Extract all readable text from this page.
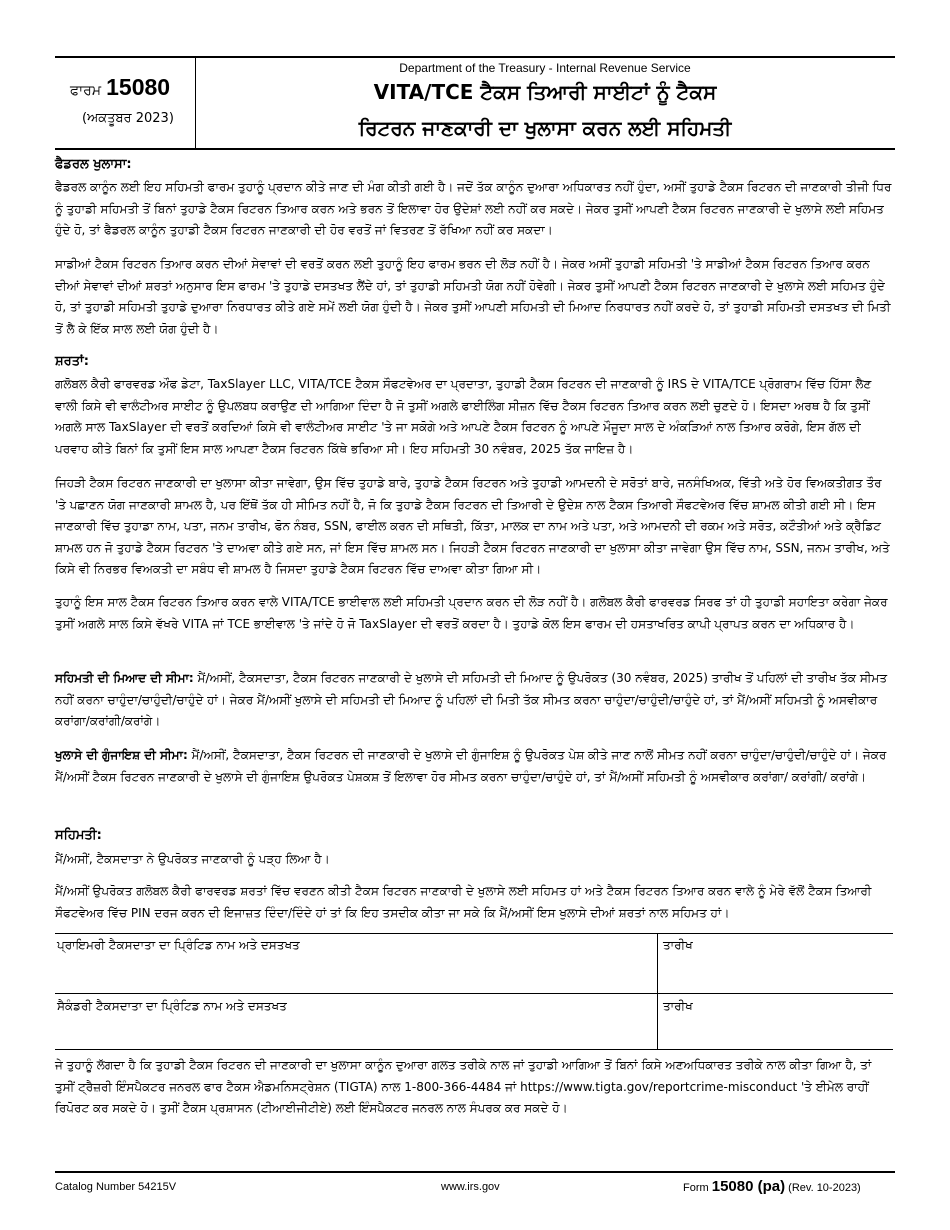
ਫਾਰਮ 15080
(ਅਕਤੂਬਰ 2023)
Department of the Treasury - Internal Revenue Service
VITA/TCE ਟੈਕਸ ਤਿਆਰੀ ਸਾਈਟਾਂ ਨੂੰ ਟੈਕਸ
ਰਿਟਰਨ ਜਾਣਕਾਰੀ ਦਾ ਖੁਲਾਸਾ ਕਰਨ ਲਈ ਸਹਿਮਤੀ
ਫੈਡਰਲ ਖੁਲਾਸਾ:
ਫੈਡਰਲ ਕਾਨੂੰਨ ਲਈ ਇਹ ਸਹਿਮਤੀ ਫਾਰਮ ਤੁਹਾਨੂੰ ਪ੍ਰਦਾਨ ਕੀਤੇ ਜਾਣ ਦੀ ਮੰਗ ਕੀਤੀ ਗਈ ਹੈ। ਜਦੋਂ ਤੱਕ ਕਾਨੂੰਨ ਦੁਆਰਾ ਅਧਿਕਾਰਤ ਨਹੀਂ ਹੁੰਦਾ, ਅਸੀਂ ਤੁਹਾਡੇ ਟੈਕਸ ਰਿਟਰਨ ਦੀ ਜਾਣਕਾਰੀ ਤੀਜੀ ਧਿਰ ਨੂੰ ਤੁਹਾਡੀ ਸਹਿਮਤੀ ਤੋਂ ਬਿਨਾਂ ਤੁਹਾਡੇ ਟੈਕਸ ਰਿਟਰਨ ਤਿਆਰ ਕਰਨ ਅਤੇ ਭਰਨ ਤੋਂ ਇਲਾਵਾ ਹੋਰ ਉਦੇਸ਼ਾਂ ਲਈ ਨਹੀਂ ਕਰ ਸਕਦੇ। ਜੇਕਰ ਤੁਸੀਂ ਆਪਣੀ ਟੈਕਸ ਰਿਟਰਨ ਜਾਣਕਾਰੀ ਦੇ ਖੁਲਾਸੇ ਲਈ ਸਹਿਮਤ ਹੁੰਦੇ ਹੋ, ਤਾਂ ਫੈਡਰਲ ਕਾਨੂੰਨ ਤੁਹਾਡੀ ਟੈਕਸ ਰਿਟਰਨ ਜਾਣਕਾਰੀ ਦੀ ਹੋਰ ਵਰਤੋਂ ਜਾਂ ਵਿਤਰਣ ਤੋਂ ਰੱਖਿਆ ਨਹੀਂ ਕਰ ਸਕਦਾ।
ਸਾਡੀਆਂ ਟੈਕਸ ਰਿਟਰਨ ਤਿਆਰ ਕਰਨ ਦੀਆਂ ਸੇਵਾਵਾਂ ਦੀ ਵਰਤੋਂ ਕਰਨ ਲਈ ਤੁਹਾਨੂੰ ਇਹ ਫਾਰਮ ਭਰਨ ਦੀ ਲੋੜ ਨਹੀਂ ਹੈ। ਜੇਕਰ ਅਸੀਂ ਤੁਹਾਡੀ ਸਹਿਮਤੀ 'ਤੇ ਸਾਡੀਆਂ ਟੈਕਸ ਰਿਟਰਨ ਤਿਆਰ ਕਰਨ ਦੀਆਂ ਸੇਵਾਵਾਂ ਦੀਆਂ ਸ਼ਰਤਾਂ ਅਨੁਸਾਰ ਇਸ ਫਾਰਮ 'ਤੇ ਤੁਹਾਡੇ ਦਸਤਖਤ ਲੈਂਦੇ ਹਾਂ, ਤਾਂ ਤੁਹਾਡੀ ਸਹਿਮਤੀ ਯੋਗ ਨਹੀਂ ਹੋਵੇਗੀ। ਜੇਕਰ ਤੁਸੀਂ ਆਪਣੀ ਟੈਕਸ ਰਿਟਰਨ ਜਾਣਕਾਰੀ ਦੇ ਖੁਲਾਸੇ ਲਈ ਸਹਿਮਤ ਹੁੰਦੇ ਹੋ, ਤਾਂ ਤੁਹਾਡੀ ਸਹਿਮਤੀ ਤੁਹਾਡੇ ਦੁਆਰਾ ਨਿਰਧਾਰਤ ਕੀਤੇ ਗਏ ਸਮੇਂ ਲਈ ਯੋਗ ਹੁੰਦੀ ਹੈ। ਜੇਕਰ ਤੁਸੀਂ ਆਪਣੀ ਸਹਿਮਤੀ ਦੀ ਮਿਆਦ ਨਿਰਧਾਰਤ ਨਹੀਂ ਕਰਦੇ ਹੋ, ਤਾਂ ਤੁਹਾਡੀ ਸਹਿਮਤੀ ਦਸਤਖਤ ਦੀ ਮਿਤੀ ਤੋਂ ਲੈ ਕੇ ਇੱਕ ਸਾਲ ਲਈ ਯੋਗ ਹੁੰਦੀ ਹੈ।
ਸ਼ਰਤਾਂ:
ਗਲੋਬਲ ਕੈਰੀ ਫਾਰਵਰਡ ਔਫ ਡੇਟਾ, TaxSlayer LLC, VITA/TCE ਟੈਕਸ ਸੌਫਟਵੇਅਰ ਦਾ ਪ੍ਰਦਾਤਾ, ਤੁਹਾਡੀ ਟੈਕਸ ਰਿਟਰਨ ਦੀ ਜਾਣਕਾਰੀ ਨੂੰ IRS ਦੇ VITA/TCE ਪ੍ਰੋਗਰਾਮ ਵਿੱਚ ਹਿੱਸਾ ਲੈਣ ਵਾਲੀ ਕਿਸੇ ਵੀ ਵਾਲੰਟੀਅਰ ਸਾਈਟ ਨੂੰ ਉਪਲਬਧ ਕਰਾਉਣ ਦੀ ਆਗਿਆ ਦਿੰਦਾ ਹੈ ਜੋ ਤੁਸੀਂ ਅਗਲੇ ਫਾਈਲਿੰਗ ਸੀਜ਼ਨ ਵਿੱਚ ਟੈਕਸ ਰਿਟਰਨ ਤਿਆਰ ਕਰਨ ਲਈ ਚੁਣਦੇ ਹੋ। ਇਸਦਾ ਅਰਥ ਹੈ ਕਿ ਤੁਸੀਂ ਅਗਲੇ ਸਾਲ TaxSlayer ਦੀ ਵਰਤੋਂ ਕਰਦਿਆਂ ਕਿਸੇ ਵੀ ਵਾਲੰਟੀਅਰ ਸਾਈਟ 'ਤੇ ਜਾ ਸਕੋਗੇ ਅਤੇ ਆਪਣੇ ਟੈਕਸ ਰਿਟਰਨ ਨੂੰ ਆਪਣੇ ਮੌਜੂਦਾ ਸਾਲ ਦੇ ਅੰਕੜਿਆਂ ਨਾਲ ਤਿਆਰ ਕਰੋਗੇ, ਇਸ ਗੱਲ ਦੀ ਪਰਵਾਹ ਕੀਤੇ ਬਿਨਾਂ ਕਿ ਤੁਸੀਂ ਇਸ ਸਾਲ ਆਪਣਾ ਟੈਕਸ ਰਿਟਰਨ ਕਿੱਥੇ ਭਰਿਆ ਸੀ। ਇਹ ਸਹਿਮਤੀ 30 ਨਵੰਬਰ, 2025 ਤੱਕ ਜਾਇਜ਼ ਹੈ।
ਜਿਹੜੀ ਟੈਕਸ ਰਿਟਰਨ ਜਾਣਕਾਰੀ ਦਾ ਖੁਲਾਸਾ ਕੀਤਾ ਜਾਵੇਗਾ, ਉਸ ਵਿੱਚ ਤੁਹਾਡੇ ਬਾਰੇ, ਤੁਹਾਡੇ ਟੈਕਸ ਰਿਟਰਨ ਅਤੇ ਤੁਹਾਡੀ ਆਮਦਨੀ ਦੇ ਸਰੋਤਾਂ ਬਾਰੇ, ਜਨਸੰਖਿਅਕ, ਵਿੱਤੀ ਅਤੇ ਹੋਰ ਵਿਅਕਤੀਗਤ ਤੌਰ 'ਤੇ ਪਛਾਣਨ ਯੋਗ ਜਾਣਕਾਰੀ ਸ਼ਾਮਲ ਹੈ, ਪਰ ਇੱਥੋਂ ਤੱਕ ਹੀ ਸੀਮਿਤ ਨਹੀਂ ਹੈ, ਜੋ ਕਿ ਤੁਹਾਡੇ ਟੈਕਸ ਰਿਟਰਨ ਦੀ ਤਿਆਰੀ ਦੇ ਉਦੇਸ਼ ਨਾਲ ਟੈਕਸ ਤਿਆਰੀ ਸੌਫਟਵੇਅਰ ਵਿੱਚ ਸ਼ਾਮਲ ਕੀਤੀ ਗਈ ਸੀ। ਇਸ ਜਾਣਕਾਰੀ ਵਿੱਚ ਤੁਹਾਡਾ ਨਾਮ, ਪਤਾ, ਜਨਮ ਤਾਰੀਖ, ਫੋਨ ਨੰਬਰ, SSN, ਫਾਈਲ ਕਰਨ ਦੀ ਸਥਿਤੀ, ਕਿੱਤਾ, ਮਾਲਕ ਦਾ ਨਾਮ ਅਤੇ ਪਤਾ, ਅਤੇ ਆਮਦਨੀ ਦੀ ਰਕਮ ਅਤੇ ਸਰੋਤ, ਕਟੌਤੀਆਂ ਅਤੇ ਕ੍ਰੈਡਿਟ ਸ਼ਾਮਲ ਹਨ ਜੋ ਤੁਹਾਡੇ ਟੈਕਸ ਰਿਟਰਨ 'ਤੇ ਦਾਅਵਾ ਕੀਤੇ ਗਏ ਸਨ, ਜਾਂ ਇਸ ਵਿੱਚ ਸ਼ਾਮਲ ਸਨ। ਜਿਹੜੀ ਟੈਕਸ ਰਿਟਰਨ ਜਾਣਕਾਰੀ ਦਾ ਖੁਲਾਸਾ ਕੀਤਾ ਜਾਵੇਗਾ ਉਸ ਵਿੱਚ ਨਾਮ, SSN, ਜਨਮ ਤਾਰੀਖ, ਅਤੇ ਕਿਸੇ ਵੀ ਨਿਰਭਰ ਵਿਅਕਤੀ ਦਾ ਸਬੰਧ ਵੀ ਸ਼ਾਮਲ ਹੈ ਜਿਸਦਾ ਤੁਹਾਡੇ ਟੈਕਸ ਰਿਟਰਨ ਵਿੱਚ ਦਾਅਵਾ ਕੀਤਾ ਗਿਆ ਸੀ।
ਤੁਹਾਨੂੰ ਇਸ ਸਾਲ ਟੈਕਸ ਰਿਟਰਨ ਤਿਆਰ ਕਰਨ ਵਾਲੇ VITA/TCE ਭਾਈਵਾਲ ਲਈ ਸਹਿਮਤੀ ਪ੍ਰਦਾਨ ਕਰਨ ਦੀ ਲੋੜ ਨਹੀਂ ਹੈ। ਗਲੋਬਲ ਕੈਰੀ ਫਾਰਵਰਡ ਸਿਰਫ ਤਾਂ ਹੀ ਤੁਹਾਡੀ ਸਹਾਇਤਾ ਕਰੇਗਾ ਜੇਕਰ ਤੁਸੀਂ ਅਗਲੇ ਸਾਲ ਕਿਸੇ ਵੱਖਰੇ VITA ਜਾਂ TCE ਭਾਈਵਾਲ 'ਤੇ ਜਾਂਦੇ ਹੋ ਜੋ TaxSlayer ਦੀ ਵਰਤੋਂ ਕਰਦਾ ਹੈ। ਤੁਹਾਡੇ ਕੋਲ ਇਸ ਫਾਰਮ ਦੀ ਹਸਤਾਖਰਿਤ ਕਾਪੀ ਪ੍ਰਾਪਤ ਕਰਨ ਦਾ ਅਧਿਕਾਰ ਹੈ।
ਸਹਿਮਤੀ ਦੀ ਮਿਆਦ ਦੀ ਸੀਮਾ: ਮੈਂ/ਅਸੀਂ, ਟੈਕਸਦਾਤਾ, ਟੈਕਸ ਰਿਟਰਨ ਜਾਣਕਾਰੀ ਦੇ ਖੁਲਾਸੇ ਦੀ ਸਹਿਮਤੀ ਦੀ ਮਿਆਦ ਨੂੰ ਉਪਰੋਕਤ (30 ਨਵੰਬਰ, 2025) ਤਾਰੀਖ ਤੋਂ ਪਹਿਲਾਂ ਦੀ ਤਾਰੀਖ ਤੱਕ ਸੀਮਤ ਨਹੀਂ ਕਰਨਾ ਚਾਹੁੰਦਾ/ਚਾਹੁੰਦੀ/ਚਾਹੁੰਦੇ ਹਾਂ। ਜੇਕਰ ਮੈਂ/ਅਸੀਂ ਖੁਲਾਸੇ ਦੀ ਸਹਿਮਤੀ ਦੀ ਮਿਆਦ ਨੂੰ ਪਹਿਲਾਂ ਦੀ ਮਿਤੀ ਤੱਕ ਸੀਮਤ ਕਰਨਾ ਚਾਹੁੰਦਾ/ਚਾਹੁੰਦੀ/ਚਾਹੁੰਦੇ ਹਾਂ, ਤਾਂ ਮੈਂ/ਅਸੀਂ ਸਹਿਮਤੀ ਨੂੰ ਅਸਵੀਕਾਰ ਕਰਾਂਗਾ/ਕਰਾਂਗੀ/ਕਰਾਂਗੇ।
ਖੁਲਾਸੇ ਦੀ ਗੁੰਜਾਇਸ਼ ਦੀ ਸੀਮਾ: ਮੈਂ/ਅਸੀਂ, ਟੈਕਸਦਾਤਾ, ਟੈਕਸ ਰਿਟਰਨ ਦੀ ਜਾਣਕਾਰੀ ਦੇ ਖੁਲਾਸੇ ਦੀ ਗੁੰਜਾਇਸ਼ ਨੂੰ ਉਪਰੋਕਤ ਪੇਸ਼ ਕੀਤੇ ਜਾਣ ਨਾਲੋਂ ਸੀਮਤ ਨਹੀਂ ਕਰਨਾ ਚਾਹੁੰਦਾ/ਚਾਹੁੰਦੀ/ਚਾਹੁੰਦੇ ਹਾਂ। ਜੇਕਰ ਮੈਂ/ਅਸੀਂ ਟੈਕਸ ਰਿਟਰਨ ਜਾਣਕਾਰੀ ਦੇ ਖੁਲਾਸੇ ਦੀ ਗੁੰਜਾਇਸ਼ ਉਪਰੋਕਤ ਪੇਸ਼ਕਸ਼ ਤੋਂ ਇਲਾਵਾ ਹੋਰ ਸੀਮਤ ਕਰਨਾ ਚਾਹੁੰਦਾ/ਚਾਹੁੰਦੇ ਹਾਂ, ਤਾਂ ਮੈਂ/ਅਸੀਂ ਸਹਿਮਤੀ ਨੂੰ ਅਸਵੀਕਾਰ ਕਰਾਂਗਾ/ ਕਰਾਂਗੀ/ ਕਰਾਂਗੇ।
ਸਹਿਮਤੀ:
ਮੈਂ/ਅਸੀਂ, ਟੈਕਸਦਾਤਾ ਨੇ ਉਪਰੋਕਤ ਜਾਣਕਾਰੀ ਨੂੰ ਪੜ੍ਹ ਲਿਆ ਹੈ।
ਮੈਂ/ਅਸੀਂ ਉਪਰੋਕਤ ਗਲੋਬਲ ਕੈਰੀ ਫਾਰਵਰਡ ਸ਼ਰਤਾਂ ਵਿੱਚ ਵਰਣਨ ਕੀਤੀ ਟੈਕਸ ਰਿਟਰਨ ਜਾਣਕਾਰੀ ਦੇ ਖੁਲਾਸੇ ਲਈ ਸਹਿਮਤ ਹਾਂ ਅਤੇ ਟੈਕਸ ਰਿਟਰਨ ਤਿਆਰ ਕਰਨ ਵਾਲੇ ਨੂੰ ਮੇਰੇ ਵੱਲੋਂ ਟੈਕਸ ਤਿਆਰੀ ਸੌਫਟਵੇਅਰ ਵਿੱਚ PIN ਦਰਜ ਕਰਨ ਦੀ ਇਜਾਜ਼ਤ ਦਿੰਦਾ/ਦਿੰਦੇ ਹਾਂ ਤਾਂ ਕਿ ਇਹ ਤਸਦੀਕ ਕੀਤਾ ਜਾ ਸਕੇ ਕਿ ਮੈਂ/ਅਸੀਂ ਇਸ ਖੁਲਾਸੇ ਦੀਆਂ ਸ਼ਰਤਾਂ ਨਾਲ ਸਹਿਮਤ ਹਾਂ।
ਪ੍ਰਾਇਮਰੀ ਟੈਕਸਦਾਤਾ ਦਾ ਪ੍ਰਿੰਟਿਡ ਨਾਮ ਅਤੇ ਦਸਤਖਤ	ਤਾਰੀਖ
ਸੈਕੰਡਰੀ ਟੈਕਸਦਾਤਾ ਦਾ ਪ੍ਰਿੰਟਿਡ ਨਾਮ ਅਤੇ ਦਸਤਖਤ	ਤਾਰੀਖ
ਜੇ ਤੁਹਾਨੂੰ ਲੱਗਦਾ ਹੈ ਕਿ ਤੁਹਾਡੀ ਟੈਕਸ ਰਿਟਰਨ ਦੀ ਜਾਣਕਾਰੀ ਦਾ ਖੁਲਾਸਾ ਕਾਨੂੰਨ ਦੁਆਰਾ ਗਲਤ ਤਰੀਕੇ ਨਾਲ ਜਾਂ ਤੁਹਾਡੀ ਆਗਿਆ ਤੋਂ ਬਿਨਾਂ ਕਿਸੇ ਅਣਅਧਿਕਾਰਤ ਤਰੀਕੇ ਨਾਲ ਕੀਤਾ ਗਿਆ ਹੈ, ਤਾਂ ਤੁਸੀਂ ਟ੍ਰੈਜ਼ਰੀ ਇੰਸਪੈਕਟਰ ਜਨਰਲ ਫਾਰ ਟੈਕਸ ਐਡਮਨਿਸਟ੍ਰੇਸ਼ਨ (TIGTA) ਨਾਲ 1-800-366-4484 ਜਾਂ https://www.tigta.gov/reportcrime-misconduct 'ਤੇ ਈਮੇਲ ਰਾਹੀਂ ਰਿਪੋਰਟ ਕਰ ਸਕਦੇ ਹੋ। ਤੁਸੀਂ ਟੈਕਸ ਪ੍ਰਸ਼ਾਸਨ (ਟੀਆਈਜੀਟੀਏ) ਲਈ ਇੰਸਪੈਕਟਰ ਜਨਰਲ ਨਾਲ ਸੰਪਰਕ ਕਰ ਸਕਦੇ ਹੋ।
Catalog Number 54215V	www.irs.gov	Form 15080 (pa) (Rev. 10-2023)
